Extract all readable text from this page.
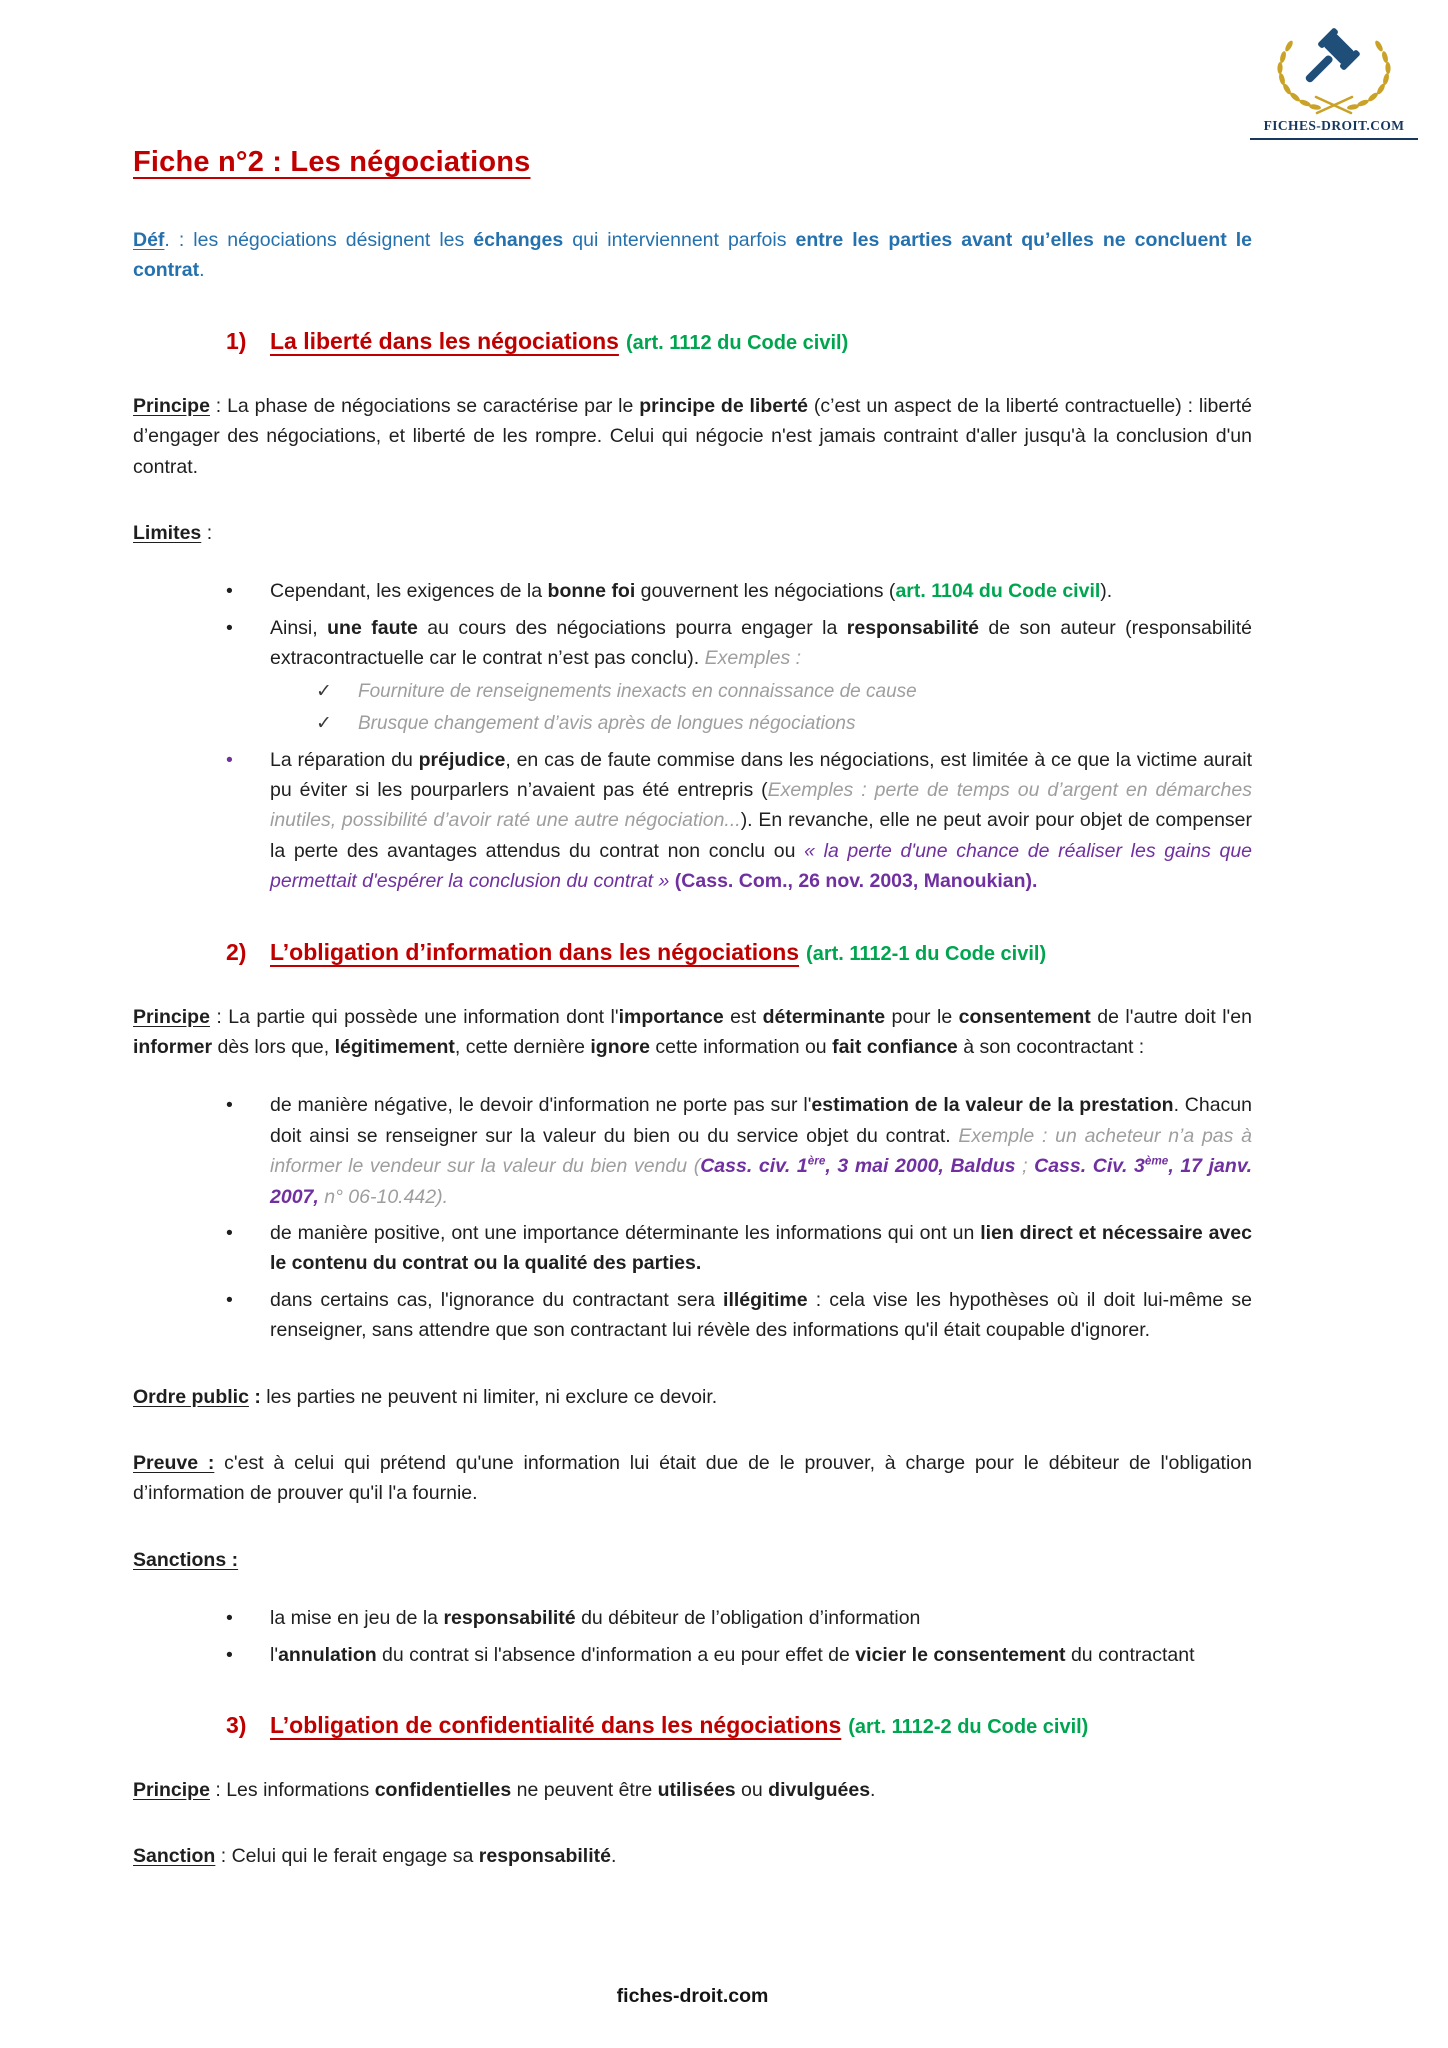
FICHES-DROIT.COM
Fiche n°2 : Les négociations

Déf. : les négociations désignent les échanges qui interviennent parfois entre les parties avant qu’elles ne concluent le contrat.

1)	La liberté dans les négociations (art. 1112 du Code civil)

Principe : La phase de négociations se caractérise par le principe de liberté (c’est un aspect de la liberté contractuelle) : liberté d’engager des négociations, et liberté de les rompre. Celui qui négocie n'est jamais contraint d'aller jusqu'à la conclusion d'un contrat.

Limites :

•	Cependant, les exigences de la bonne foi gouvernent les négociations (art. 1104 du Code civil).
•	Ainsi, une faute au cours des négociations pourra engager la responsabilité de son auteur (responsabilité extracontractuelle car le contrat n’est pas conclu). Exemples :
✓	Fourniture de renseignements inexacts en connaissance de cause
✓	Brusque changement d’avis après de longues négociations
•	La réparation du préjudice, en cas de faute commise dans les négociations, est limitée à ce que la victime aurait pu éviter si les pourparlers n’avaient pas été entrepris (Exemples : perte de temps ou d’argent en démarches inutiles, possibilité d’avoir raté une autre négociation...). En revanche, elle ne peut avoir pour objet de compenser la perte des avantages attendus du contrat non conclu ou « la perte d'une chance de réaliser les gains que permettait d'espérer la conclusion du contrat » (Cass. Com., 26 nov. 2003, Manoukian).
2)	L’obligation d’information dans les négociations (art. 1112-1 du Code civil)

Principe : La partie qui possède une information dont l'importance est déterminante pour le consentement de l'autre doit l'en informer dès lors que, légitimement, cette dernière ignore cette information ou fait confiance à son cocontractant :

•	de manière négative, le devoir d'information ne porte pas sur l'estimation de la valeur de la prestation. Chacun doit ainsi se renseigner sur la valeur du bien ou du service objet du contrat. Exemple : un acheteur n’a pas à informer le vendeur sur la valeur du bien vendu (Cass. civ. 1ère, 3 mai 2000, Baldus ; Cass. Civ. 3ème, 17 janv. 2007, n° 06-10.442).
•	de manière positive, ont une importance déterminante les informations qui ont un lien direct et nécessaire avec le contenu du contrat ou la qualité des parties.
•	dans certains cas, l'ignorance du contractant sera illégitime : cela vise les hypothèses où il doit lui-même se renseigner, sans attendre que son contractant lui révèle des informations qu'il était coupable d'ignorer.

Ordre public : les parties ne peuvent ni limiter, ni exclure ce devoir.

Preuve : c'est à celui qui prétend qu'une information lui était due de le prouver, à charge pour le débiteur de l'obligation d’information de prouver qu'il l'a fournie.

Sanctions :

•	la mise en jeu de la responsabilité du débiteur de l’obligation d’information
•	l'annulation du contrat si l'absence d'information a eu pour effet de vicier le consentement du contractant
3)	L’obligation de confidentialité dans les négociations (art. 1112-2 du Code civil)

Principe : Les informations confidentielles ne peuvent être utilisées ou divulguées.

Sanction : Celui qui le ferait engage sa responsabilité.

fiches-droit.com
